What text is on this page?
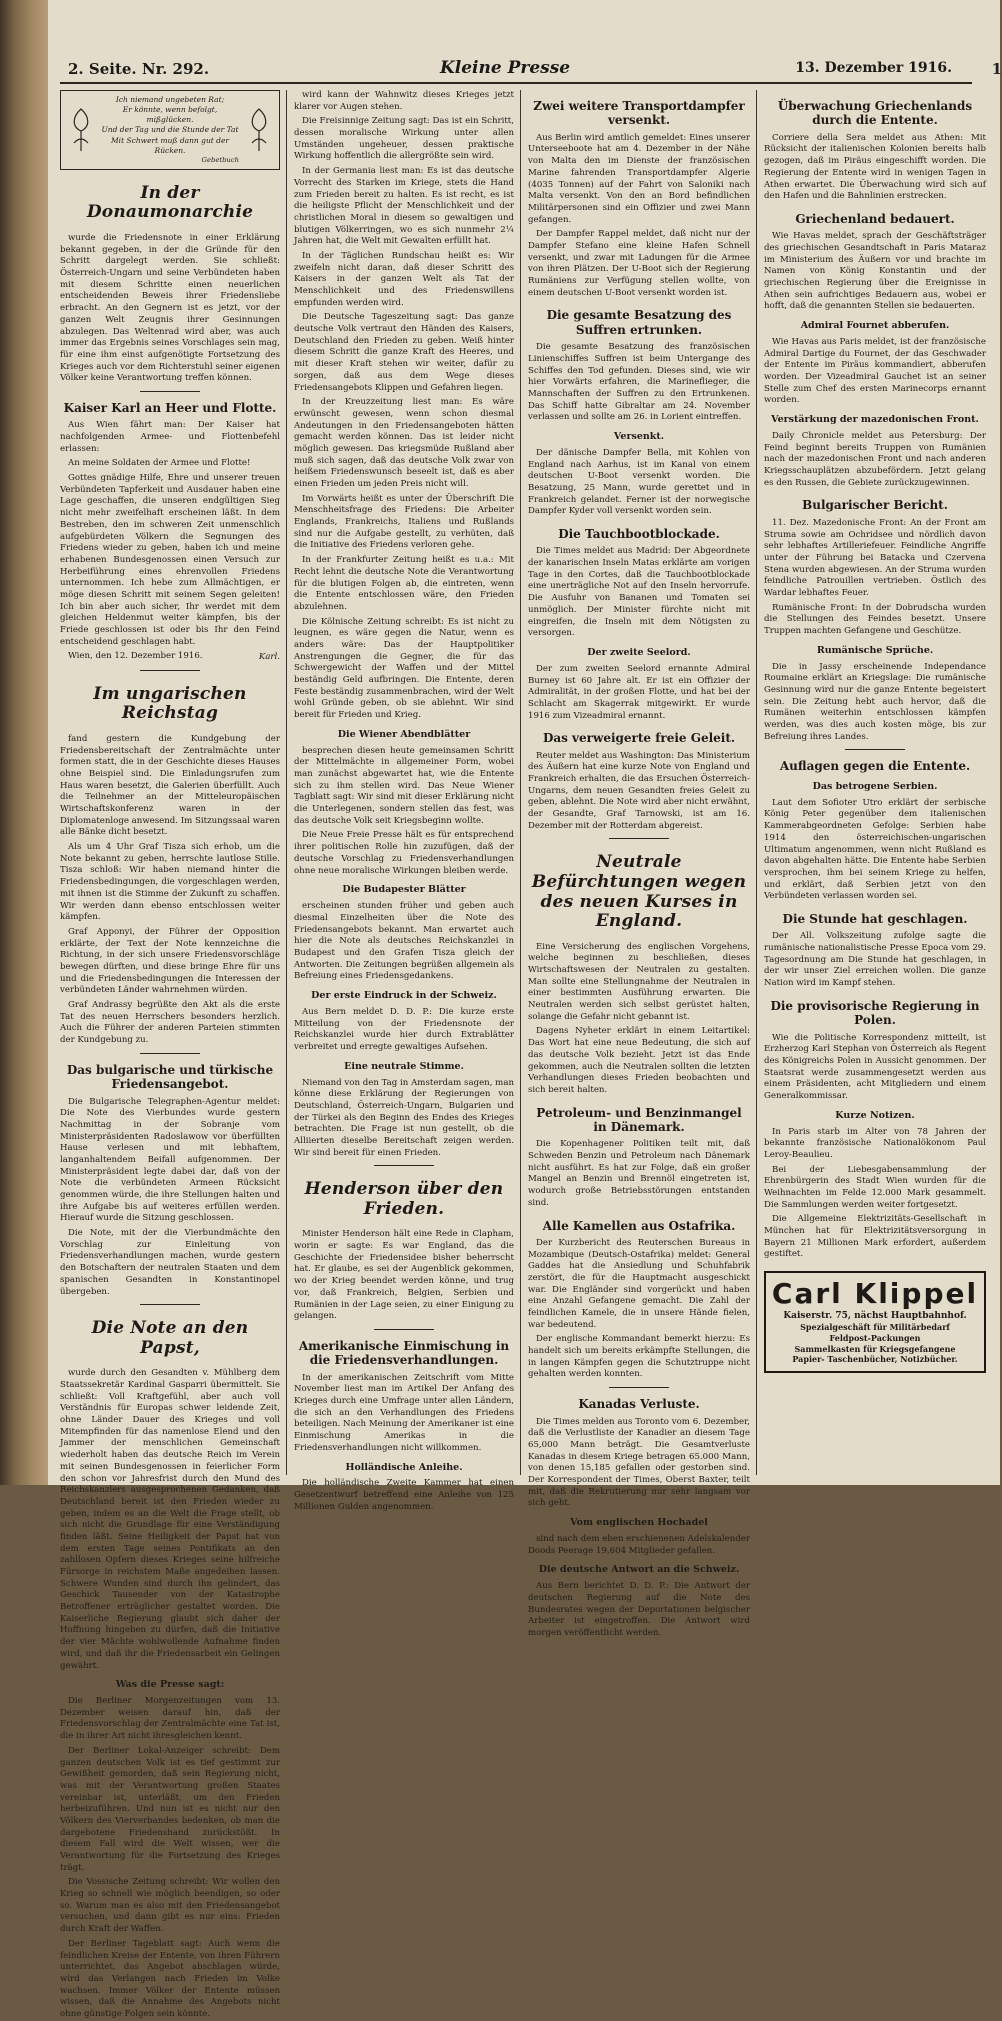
2. Seite. Nr. 292.	Kleine Presse	13. Dezember 1916.	1
Ich niemand ungebeten Rat;
Er könnte, wenn befolgt, mißglücken.
Und der Tag und die Stunde der Tat
Mit Schwert muß dann gut der Rücken.
Gebetbuch
In der Donaumonarchie

wurde die Friedensnote in einer Erklärung bekannt gegeben, in der die Gründe für den Schritt dargelegt werden. Sie schließt: Österreich-Ungarn und seine Verbündeten haben mit diesem Schritte einen neuerlichen entscheidenden Beweis ihrer Friedensliebe erbracht. An den Gegnern ist es jetzt, vor der ganzen Welt Zeugnis ihrer Gesinnungen abzulegen. Das Weltenrad wird aber, was auch immer das Ergebnis seines Vorschlages sein mag, für eine ihm einst aufgenötigte Fortsetzung des Krieges auch vor dem Richterstuhl seiner eigenen Völker keine Verantwortung treffen können.

Kaiser Karl an Heer und Flotte.

Aus Wien fährt man: Der Kaiser hat nachfolgenden Armee- und Flottenbefehl erlassen:

An meine Soldaten der Armee und Flotte!

Gottes gnädige Hilfe, Ehre und unserer treuen Verbündeten Tapferkeit und Ausdauer haben eine Lage geschaffen, die unseren endgültigen Sieg nicht mehr zweifelhaft erscheinen läßt. In dem Bestreben, den im schweren Zeit unmenschlich aufgebürdeten Völkern die Segnungen des Friedens wieder zu geben, haben ich und meine erhabenen Bundesgenossen einen Versuch zur Herbeiführung eines ehrenvollen Friedens unternommen. Ich hebe zum Allmächtigen, er möge diesen Schritt mit seinem Segen geleiten! Ich bin aber auch sicher, Ihr werdet mit dem gleichen Heldenmut weiter kämpfen, bis der Friede geschlossen ist oder bis Ihr den Feind entscheidend geschlagen habt.

Wien, den 12. Dezember 1916.	Karl.

Im ungarischen Reichstag

fand gestern die Kundgebung der Friedensbereitschaft der Zentralmächte unter formen statt, die in der Geschichte dieses Hauses ohne Beispiel sind. Die Einladungsrufen zum Haus waren besetzt, die Galerien überfüllt. Auch die Teilnehmer an der Mitteleuropäischen Wirtschaftskonferenz waren in der Diplomatenloge anwesend. Im Sitzungssaal waren alle Bänke dicht besetzt.

Als um 4 Uhr Graf Tisza sich erhob, um die Note bekannt zu geben, herrschte lautlose Stille. Tisza schloß: Wir haben niemand hinter die Friedensbedingungen, die vorgeschlagen werden, mit ihnen ist die Stimme der Zukunft zu schaffen. Wir werden dann ebenso entschlossen weiter kämpfen.

Graf Apponyi, der Führer der Opposition erklärte, der Text der Note kennzeichne die Richtung, in der sich unsere Friedensvorschläge bewegen dürften, und diese bringe Ehre für uns und die Friedensbedingungen die Interessen der verbündeten Länder wahrnehmen würden.

Graf Andrassy begrüßte den Akt als die erste Tat des neuen Herrschers besonders herzlich. Auch die Führer der anderen Parteien stimmten der Kundgebung zu.

Das bulgarische und türkische Friedensangebot.

Die Bulgarische Telegraphen-Agentur meldet: Die Note des Vierbundes wurde gestern Nachmittag in der Sobranje vom Ministerpräsidenten Radoslawow vor überfüllten Hause verlesen und mit lebhaftem, langanhaltendem Beifall aufgenommen. Der Ministerpräsident legte dabei dar, daß von der Note die verbündeten Armeen Rücksicht genommen würde, die ihre Stellungen halten und ihre Aufgabe bis auf weiteres erfüllen werden. Hierauf wurde die Sitzung geschlossen.

Die Note, mit der die Vierbundmächte den Vorschlag zur Einleitung von Friedensverhandlungen machen, wurde gestern den Botschaftern der neutralen Staaten und dem spanischen Gesandten in Konstantinopel übergeben.

Die Note an den Papst,

wurde durch den Gesandten v. Mühlberg dem Staatssekretär Kardinal Gasparri übermittelt. Sie schließt: Voll Kraftgefühl, aber auch voll Verständnis für Europas schwer leidende Zeit, ohne Länder Dauer des Krieges und voll Mitempfinden für das namenlose Elend und den Jammer der menschlichen Gemeinschaft wiederholt haben das deutsche Reich im Verein mit seinen Bundesgenossen in feierlicher Form den schon vor Jahresfrist durch den Mund des Reichskanzlers ausgesprochenen Gedanken, daß Deutschland bereit ist den Frieden wieder zu geben, indem es an die Welt die Frage stellt, ob sich nicht die Grundlage für eine Verständigung finden läßt. Seine Heiligkeit der Papst hat von dem ersten Tage seines Pontifikats an den zahllosen Opfern dieses Krieges seine hilfreiche Fürsorge in reichstem Maße angedeihen lassen. Schwere Wunden sind durch ihn gelindert, das Geschick Tausender von der Katastrophe Betroffener erträglicher gestaltet worden. Die Kaiserliche Regierung glaubt sich daher der Hoffnung hingeben zu dürfen, daß die Initiative der vier Mächte wohlwollende Aufnahme finden wird, und daß ihr die Friedensarbeit ein Gelingen gewährt.

Was die Presse sagt:

Die Berliner Morgenzeitungen vom 13. Dezember weisen darauf hin, daß der Friedensvorschlag der Zentralmächte eine Tat ist, die in ihrer Art nicht ihresgleichen kennt.

Der Berliner Lokal-Anzeiger schreibt: Dem ganzen deutschen Volk ist es tief gestimmt zur Gewißheit gemorden, daß sein Regierung nicht, was mit der Verantwortung großen Staates vereinbar ist, unterläßt, um den Frieden herbeizuführen. Und nun ist es nicht nur den Völkern des Vierverbandes bedenken, ob man die dargebotene Friedenshand zurückstößt. In diesem Fall wird die Welt wissen, wer die Verantwortung für die Fortsetzung des Krieges trägt.

Die Vossische Zeitung schreibt: Wir wollen den Krieg so schnell wie möglich beendigen, so oder so. Warum man es also mit den Friedensangebot versuchen, und dann gibt es nur eins: Frieden durch Kraft der Waffen.

Der Berliner Tageblatt sagt: Auch wenn die feindlichen Kreise der Entente, von ihren Führern unterrichtet, das Angebot abschlagen würde, wird das Verlangen nach Frieden im Volke wachsen. Immer Völker der Entente müssen wissen, daß die Annahme des Angebots nicht ohne günstige Folgen sein könnte.

wird kann der Wahnwitz dieses Krieges jetzt klarer vor Augen stehen.

Die Freisinnige Zeitung sagt: Das ist ein Schritt, dessen moralische Wirkung unter allen Umständen ungeheuer, dessen praktische Wirkung hoffentlich die allergrößte sein wird.

In der Germania liest man: Es ist das deutsche Vorrecht des Starken im Kriege, stets die Hand zum Frieden bereit zu halten. Es ist recht, es ist die heiligste Pflicht der Menschlichkeit und der christlichen Moral in diesem so gewaltigen und blutigen Völkerringen, wo es sich nunmehr 2¼ Jahren hat, die Welt mit Gewalten erfüllt hat.

In der Täglichen Rundschau heißt es: Wir zweifeln nicht daran, daß dieser Schritt des Kaisers in der ganzen Welt als Tat der Menschlichkeit und des Friedenswillens empfunden werden wird.

Die Deutsche Tageszeitung sagt: Das ganze deutsche Volk vertraut den Händen des Kaisers, Deutschland den Frieden zu geben. Weiß hinter diesem Schritt die ganze Kraft des Heeres, und mit dieser Kraft stehen wir weiter, dafür zu sorgen, daß aus dem Wege dieses Friedensangebots Klippen und Gefahren liegen.

In der Kreuzzeitung liest man: Es wäre erwünscht gewesen, wenn schon diesmal Andeutungen in den Friedensangeboten hätten gemacht werden können. Das ist leider nicht möglich gewesen. Das kriegsmüde Rußland aber muß sich sagen, daß das deutsche Volk zwar von heißem Friedenswunsch beseelt ist, daß es aber einen Frieden um jeden Preis nicht will.

Im Vorwärts heißt es unter der Überschrift Die Menschheitsfrage des Friedens: Die Arbeiter Englands, Frankreichs, Italiens und Rußlands sind nur die Aufgabe gestellt, zu verhüten, daß die Initiative des Friedens verloren gehe.

In der Frankfurter Zeitung heißt es u.a.: Mit Recht lehnt die deutsche Note die Verantwortung für die blutigen Folgen ab, die eintreten, wenn die Entente entschlossen wäre, den Frieden abzulehnen.

Die Kölnische Zeitung schreibt: Es ist nicht zu leugnen, es wäre gegen die Natur, wenn es anders wäre: Das der Hauptpolitiker Anstrengungen die Gegner, die für das Schwergewicht der Waffen und der Mittel beständig Geld aufbringen. Die Entente, deren Feste beständig zusammenbrachen, wird der Welt wohl Gründe geben, ob sie ablehnt. Wir sind bereit für Frieden und Krieg.

Die Wiener Abendblätter

besprechen diesen heute gemeinsamen Schritt der Mittelmächte in allgemeiner Form, wobei man zunächst abgewartet hat, wie die Entente sich zu ihm stellen wird. Das Neue Wiener Tagblatt sagt: Wir sind mit dieser Erklärung nicht die Unterlegenen, sondern stellen das fest, was das deutsche Volk seit Kriegsbeginn wollte.

Die Neue Freie Presse hält es für entsprechend ihrer politischen Rolle hin zuzufügen, daß der deutsche Vorschlag zu Friedensverhandlungen ohne neue moralische Wirkungen bleiben werde.

Die Budapester Blätter

erscheinen stunden früher und geben auch diesmal Einzelheiten über die Note des Friedensangebots bekannt. Man erwartet auch hier die Note als deutsches Reichskanzlei in Budapest und den Grafen Tisza gleich der Antworten. Die Zeitungen begrüßen allgemein als Befreiung eines Friedensgedankens.

Der erste Eindruck in der Schweiz.

Aus Bern meldet D. D. P.: Die kurze erste Mitteilung von der Friedensnote der Reichskanzlei wurde hier durch Extrablätter verbreitet und erregte gewaltiges Aufsehen.

Eine neutrale Stimme.

Niemand von den Tag in Amsterdam sagen, man könne diese Erklärung der Regierungen von Deutschland, Österreich-Ungarn, Bulgarien und der Türkei als den Beginn des Endes des Krieges betrachten. Die Frage ist nun gestellt, ob die Alliierten dieselbe Bereitschaft zeigen werden. Wir sind bereit für einen Frieden.

Henderson über den Frieden.

Minister Henderson hält eine Rede in Clapham, worin er sagte: Es war England, das die Geschichte der Friedensidee bisher beherrscht hat. Er glaube, es sei der Augenblick gekommen, wo der Krieg beendet werden könne, und trug vor, daß Frankreich, Belgien, Serbien und Rumänien in der Lage seien, zu einer Einigung zu gelangen.

Amerikanische Einmischung in die Friedensverhandlungen.

In der amerikanischen Zeitschrift vom Mitte November liest man im Artikel Der Anfang des Krieges durch eine Umfrage unter allen Ländern, die sich an den Verhandlungen des Friedens beteiligen. Nach Meinung der Amerikaner ist eine Einmischung Amerikas in die Friedensverhandlungen nicht willkommen.

Holländische Anleihe.

Die holländische Zweite Kammer hat einen Gesetzentwurf betreffend eine Anleihe von 125 Millionen Gulden angenommen.

Zwei weitere Transportdampfer versenkt.

Aus Berlin wird amtlich gemeldet: Eines unserer Unterseeboote hat am 4. Dezember in der Nähe von Malta den im Dienste der französischen Marine fahrenden Transportdampfer Algerie (4035 Tonnen) auf der Fahrt von Saloniki nach Malta versenkt. Von den an Bord befindlichen Militärpersonen sind ein Offizier und zwei Mann gefangen.

Der Dampfer Rappel meldet, daß nicht nur der Dampfer Stefano eine kleine Hafen Schnell versenkt, und zwar mit Ladungen für die Armee von ihren Plätzen. Der U-Boot sich der Regierung Rumäniens zur Verfügung stellen wollte, von einem deutschen U-Boot versenkt worden ist.

Die gesamte Besatzung des Suffren ertrunken.

Die gesamte Besatzung des französischen Linienschiffes Suffren ist beim Untergange des Schiffes den Tod gefunden. Dieses sind, wie wir hier Vorwärts erfahren, die Marineflieger, die Mannschaften der Suffren zu den Ertrunkenen. Das Schiff hatte Gibraltar am 24. November verlassen und sollte am 26. in Lorient eintreffen.

Versenkt.

Der dänische Dampfer Bella, mit Kohlen von England nach Aarhus, ist im Kanal von einem deutschen U-Boot versenkt worden. Die Besatzung, 25 Mann, wurde gerettet und in Frankreich gelandet. Ferner ist der norwegische Dampfer Kyder voll versenkt worden sein.

Die Tauchbootblockade.

Die Times meldet aus Madrid: Der Abgeordnete der kanarischen Inseln Matas erklärte am vorigen Tage in den Cortes, daß die Tauchbootblockade eine unerträgliche Not auf den Inseln hervorrufe. Die Ausfuhr von Bananen und Tomaten sei unmöglich. Der Minister fürchte nicht mit eingreifen, die Inseln mit dem Nötigsten zu versorgen.

Der zweite Seelord.

Der zum zweiten Seelord ernannte Admiral Burney ist 60 Jahre alt. Er ist ein Offizier der Admiralität, in der großen Flotte, und hat bei der Schlacht am Skagerrak mitgewirkt. Er wurde 1916 zum Vizeadmiral ernannt.

Das verweigerte freie Geleit.

Reuter meldet aus Washington: Das Ministerium des Äußern hat eine kurze Note von England und Frankreich erhalten, die das Ersuchen Österreich-Ungarns, dem neuen Gesandten freies Geleit zu geben, ablehnt. Die Note wird aber nicht erwähnt, der Gesandte, Graf Tarnowski, ist am 16. Dezember mit der Rotterdam abgereist.

Neutrale Befürchtungen wegen des neuen Kurses in England.

Eine Versicherung des englischen Vorgehens, welche beginnen zu beschließen, dieses Wirtschaftswesen der Neutralen zu gestalten. Man sollte eine Stellungnahme der Neutralen in einer bestimmten Ausführung erwarten. Die Neutralen werden sich selbst gerüstet halten, solange die Gefahr nicht gebannt ist.

Dagens Nyheter erklärt in einem Leitartikel: Das Wort hat eine neue Bedeutung, die sich auf das deutsche Volk bezieht. Jetzt ist das Ende gekommen, auch die Neutralen sollten die letzten Verhandlungen dieses Frieden beobachten und sich bereit halten.

Petroleum- und Benzinmangel in Dänemark.

Die Kopenhagener Politiken teilt mit, daß Schweden Benzin und Petroleum nach Dänemark nicht ausführt. Es hat zur Folge, daß ein großer Mangel an Benzin und Brennöl eingetreten ist, wodurch große Betriebsstörungen entstanden sind.

Alle Kamellen aus Ostafrika.

Der Kurzbericht des Reuterschen Bureaus in Mozambique (Deutsch-Ostafrika) meldet: General Gaddes hat die Ansiedlung und Schuhfabrik zerstört, die für die Hauptmacht ausgeschickt war. Die Engländer sind vorgerückt und haben eine Anzahl Gefangene gemacht. Die Zahl der feindlichen Kamele, die in unsere Hände fielen, war bedeutend.

Der englische Kommandant bemerkt hierzu: Es handelt sich um bereits erkämpfte Stellungen, die in langen Kämpfen gegen die Schutztruppe nicht gehalten werden konnten.

Kanadas Verluste.

Die Times melden aus Toronto vom 6. Dezember, daß die Verlustliste der Kanadier an diesem Tage 65,000 Mann beträgt. Die Gesamtverluste Kanadas in diesem Kriege betragen 65.000 Mann, von denen 15,185 gefallen oder gestorben sind. Der Korrespondent der Times, Oberst Baxter, teilt mit, daß die Rekrutierung nur sehr langsam vor sich geht.

Vom englischen Hochadel

sind nach dem eben erschienenen Adelskalender Doods Peerage 19,604 Mitglieder gefallen.

Die deutsche Antwort an die Schweiz.

Aus Bern berichtet D. D. P.: Die Antwort der deutschen Regierung auf die Note des Bundesrates wegen der Deportationen belgischer Arbeiter ist eingetroffen. Die Antwort wird morgen veröffentlicht werden.

Überwachung Griechenlands durch die Entente.

Corriere della Sera meldet aus Athen: Mit Rücksicht der italienischen Kolonien bereits halb gezogen, daß im Piräus eingeschifft worden. Die Regierung der Entente wird in wenigen Tagen in Athen erwartet. Die Überwachung wird sich auf den Hafen und die Bahnlinien erstrecken.

Griechenland bedauert.

Wie Havas meldet, sprach der Geschäftsträger des griechischen Gesandtschaft in Paris Mataraz im Ministerium des Äußern vor und brachte im Namen von König Konstantin und der griechischen Regierung über die Ereignisse in Athen sein aufrichtiges Bedauern aus, wobei er hofft, daß die genannten Stellen sie bedauerten.

Admiral Fournet abberufen.

Wie Havas aus Paris meldet, ist der französische Admiral Dartige du Fournet, der das Geschwader der Entente im Piräus kommandiert, abberufen worden. Der Vizeadmiral Gauchet ist an seiner Stelle zum Chef des ersten Marinecorps ernannt worden.

Verstärkung der mazedonischen Front.

Daily Chronicle meldet aus Petersburg: Der Feind beginnt bereits Truppen von Rumänien nach der mazedonischen Front und nach anderen Kriegsschauplätzen abzubefördern. Jetzt gelang es den Russen, die Gebiete zurückzugewinnen.

Bulgarischer Bericht.

11. Dez. Mazedonische Front: An der Front am Struma sowie am Ochridsee und nördlich davon sehr lebhaftes Artilleriefeuer. Feindliche Angriffe unter der Führung bei Batacka und Czervena Stena wurden abgewiesen. An der Struma wurden feindliche Patrouillen vertrieben. Östlich des Wardar lebhaftes Feuer.

Rumänische Front: In der Dobrudscha wurden die Stellungen des Feindes besetzt. Unsere Truppen machten Gefangene und Geschütze.

Rumänische Sprüche.

Die in Jassy erscheinende Independance Roumaine erklärt an Kriegslage: Die rumänische Gesinnung wird nur die ganze Entente begeistert sein. Die Zeitung hebt auch hervor, daß die Rumänen weiterhin entschlossen kämpfen werden, was dies auch kosten möge, bis zur Befreiung ihres Landes.

Auflagen gegen die Entente.
Das betrogene Serbien.

Laut dem Sofioter Utro erklärt der serbische König Peter gegenüber dem italienischen Kammerabgeordneten Gefolge: Serbien habe 1914 den österreichischen-ungarischen Ultimatum angenommen, wenn nicht Rußland es davon abgehalten hätte. Die Entente habe Serbien versprochen, ihm bei seinem Kriege zu helfen, und erklärt, daß Serbien jetzt von den Verbündeten verlassen worden sei.

Die Stunde hat geschlagen.

Der All. Volkszeitung zufolge sagte die rumänische nationalistische Presse Epoca vom 29. Tagesordnung am Die Stunde hat geschlagen, in der wir unser Ziel erreichen wollen. Die ganze Nation wird im Kampf stehen.

Die provisorische Regierung in Polen.

Wie die Politische Korrespondenz mitteilt, ist Erzherzog Karl Stephan von Österreich als Regent des Königreichs Polen in Aussicht genommen. Der Staatsrat werde zusammengesetzt werden aus einem Präsidenten, acht Mitgliedern und einem Generalkommissar.

Kurze Notizen.

In Paris starb im Alter von 78 Jahren der bekannte französische Nationalökonom Paul Leroy-Beaulieu.

Bei der Liebesgabensammlung der Ehrenbürgerin des Stadt Wien wurden für die Weihnachten im Felde 12.000 Mark gesammelt. Die Sammlungen werden weiter fortgesetzt.

Die Allgemeine Elektrizitäts-Gesellschaft in München hat für Elektrizitätsversorgung in Bayern 21 Millionen Mark erfordert, außerdem gestiftet.

Carl Klippel
Kaiserstr. 75, nächst Hauptbahnhof.
Spezialgeschäft für Militärbedarf
Feldpost-Packungen
Sammelkasten für Kriegsgefangene
Papier- Taschenbücher, Notizbücher.
